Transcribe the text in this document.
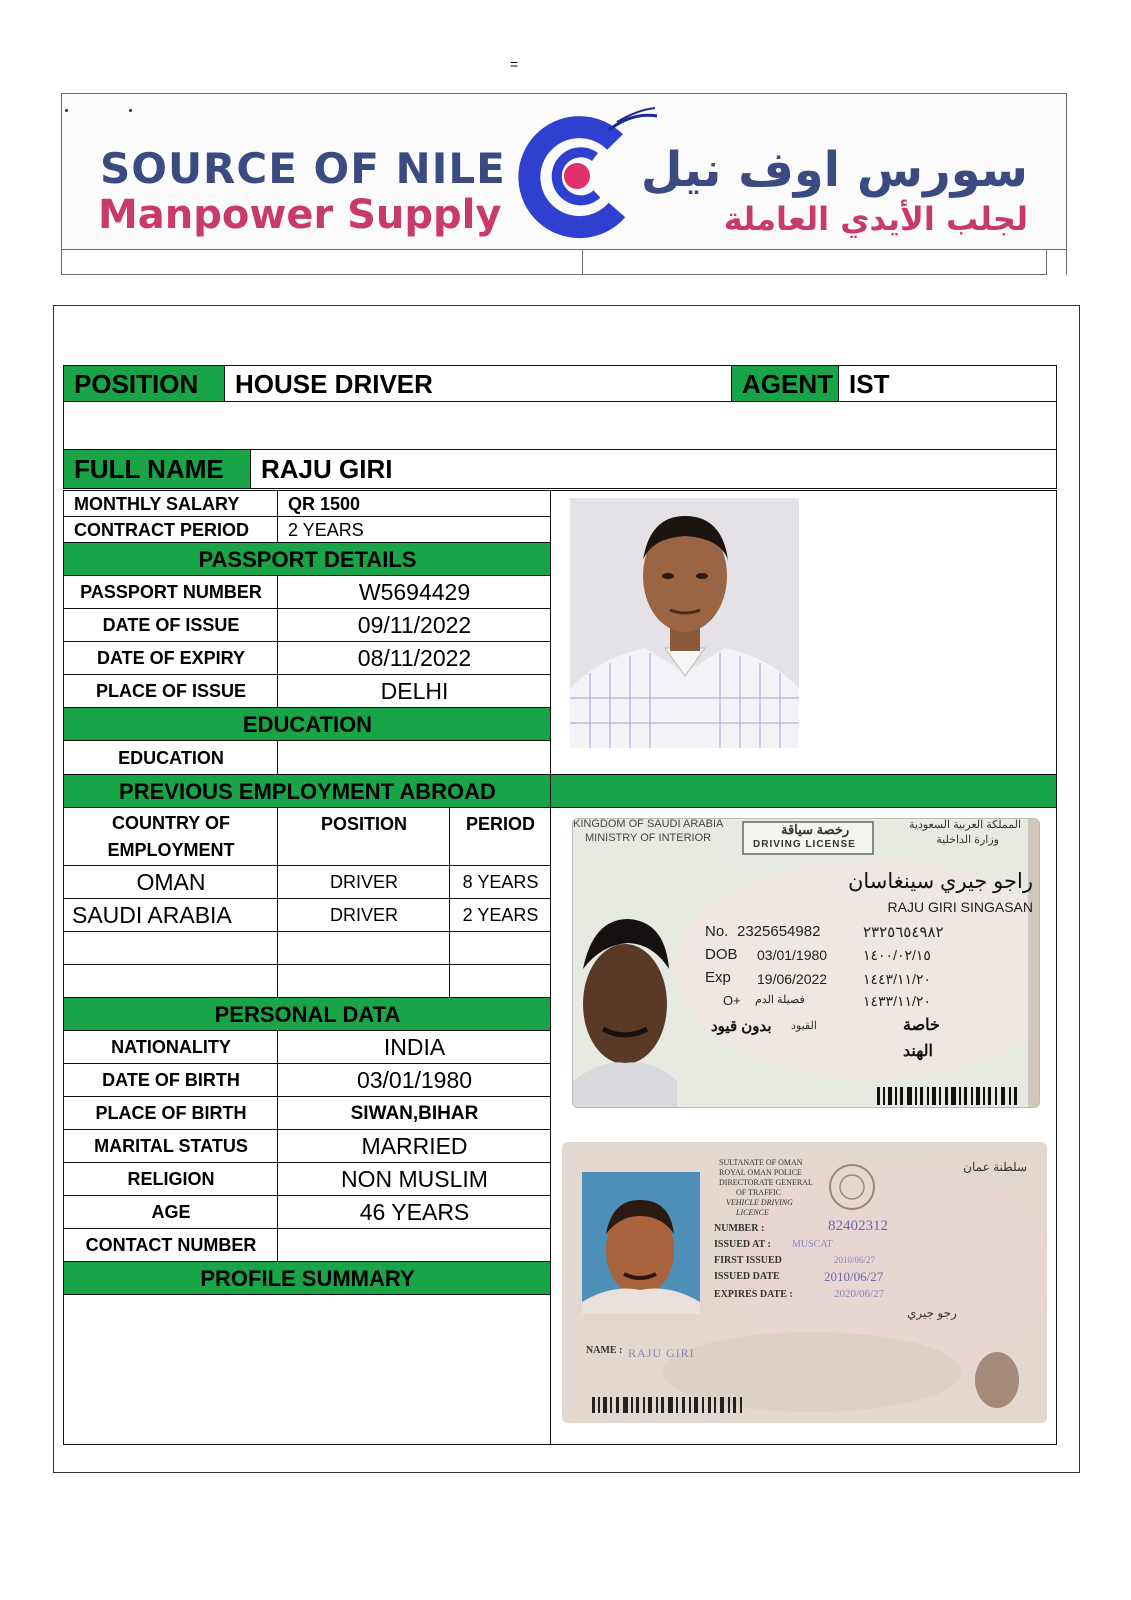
=
SOURCE OF NILE
Manpower Supply
سورس اوف نيل
لجلب الأيدي العاملة
POSITION	HOUSE DRIVER	AGENT IST
FULL NAME	RAJU GIRI
MONTHLY SALARY	QR 1500
CONTRACT PERIOD	2 YEARS
PASSPORT DETAILS
PASSPORT NUMBER	W5694429
DATE OF ISSUE	09/11/2022
DATE OF EXPIRY	08/11/2022
PLACE OF ISSUE	DELHI
EDUCATION
EDUCATION
PREVIOUS EMPLOYMENT ABROAD
COUNTRY OF
EMPLOYMENT
POSITION	PERIOD
OMAN	DRIVER	8 YEARS
SAUDI ARABIA	DRIVER	2 YEARS
PERSONAL DATA
NATIONALITY	INDIA
DATE OF BIRTH	03/01/1980
PLACE OF BIRTH	SIWAN,BIHAR
MARITAL STATUS	MARRIED
RELIGION	NON MUSLIM
AGE	46 YEARS
CONTACT NUMBER
PROFILE SUMMARY
KINGDOM OF SAUDI ARABIA
MINISTRY OF INTERIOR
رخصة سياقة
DRIVING LICENSE
المملكة العربية السعودية
وزارة الداخلية
راجو جيري سينغاسان
RAJU GIRI SINGASAN
No. 2325654982	٢٣٢٥٦٥٤٩٨٢
DOB 03/01/1980	١٤٠٠/٠٢/١٥
Exp 19/06/2022	١٤٤٣/١١/٢٠
O+ فصيلة الدم	١٤٣٣/١١/٢٠
بدون قيود القيود	خاصة
الهند
SULTANATE OF OMAN
ROYAL OMAN POLICE
DIRECTORATE GENERAL
OF TRAFFIC
VEHICLE DRIVING
LICENCE
سلطنة عمان
NUMBER :	82402312
ISSUED AT : MUSCAT
FIRST ISSUED	2010/06/27
ISSUED DATE	2010/06/27
EXPIRES DATE :	2020/06/27
رجو جيري
NAME : RAJU GIRI
